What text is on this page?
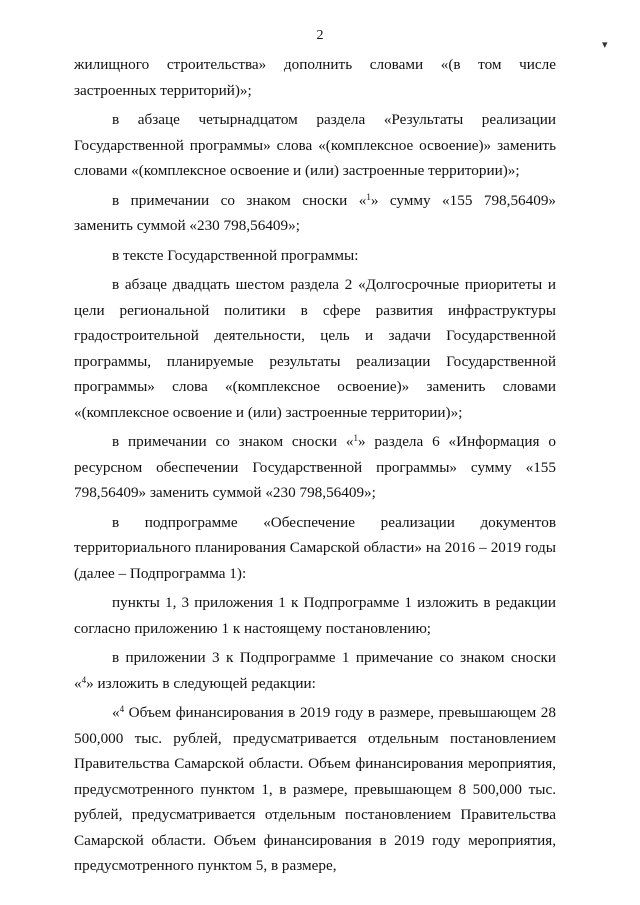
2
▾

жилищного строительства» дополнить словами «(в том числе застроенных территорий)»;

в абзаце четырнадцатом раздела «Результаты реализации Государственной программы» слова «(комплексное освоение)» заменить словами «(комплексное освоение и (или) застроенные территории)»;

в примечании со знаком сноски «$^1$» сумму «155 798,56409» заменить суммой «230 798,56409»;

в тексте Государственной программы:

в абзаце двадцать шестом раздела 2 «Долгосрочные приоритеты и цели региональной политики в сфере развития инфраструктуры градостроительной деятельности, цель и задачи Государственной программы, планируемые результаты реализации Государственной программы» слова «(комплексное освоение)» заменить словами «(комплексное освоение и (или) застроенные территории)»;

в примечании со знаком сноски «$^1$» раздела 6 «Информация о ресурсном обеспечении Государственной программы» сумму «155 798,56409» заменить суммой «230 798,56409»;

в подпрограмме «Обеспечение реализации документов территориального планирования Самарской области» на 2016 – 2019 годы (далее – Подпрограмма 1):

пункты 1, 3 приложения 1 к Подпрограмме 1 изложить в редакции согласно приложению 1 к настоящему постановлению;

в приложении 3 к Подпрограмме 1 примечание со знаком сноски «$^4$» изложить в следующей редакции:

«$^4$ Объем финансирования в 2019 году в размере, превышающем 28 500,000 тыс. рублей, предусматривается отдельным постановлением Правительства Самарской области. Объем финансирования мероприятия, предусмотренного пунктом 1, в размере, превышающем 8 500,000 тыс. рублей, предусматривается отдельным постановлением Правительства Самарской области. Объем финансирования в 2019 году мероприятия, предусмотренного пунктом 5, в размере,
